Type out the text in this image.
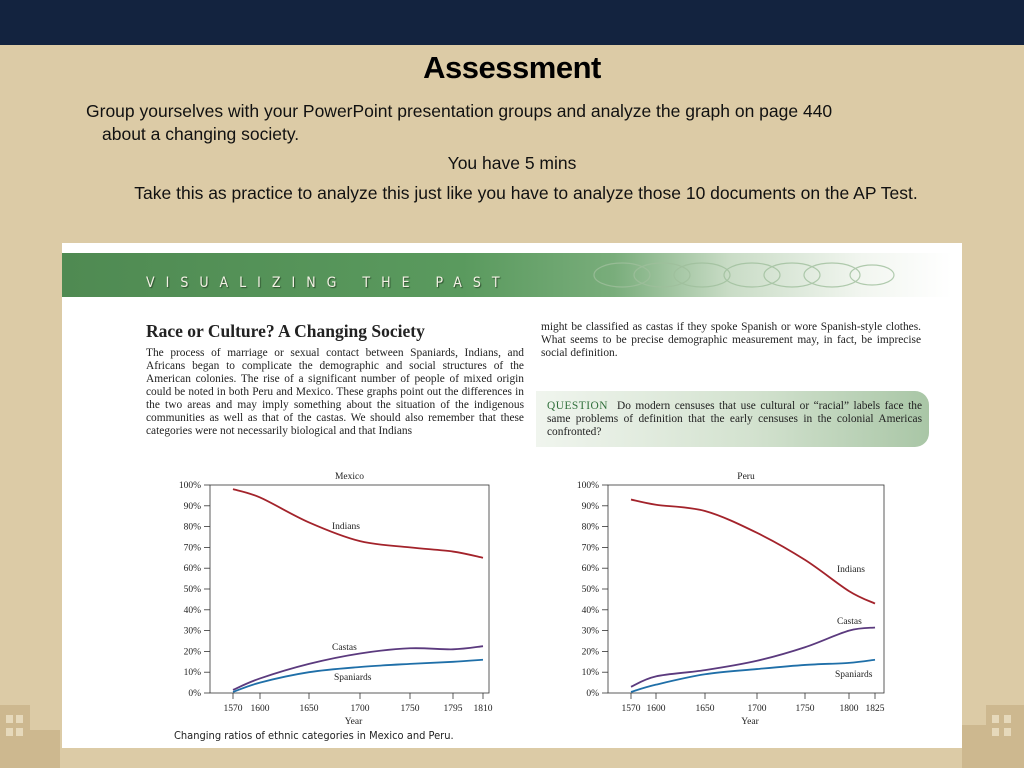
Assessment
Group yourselves with your PowerPoint presentation groups and analyze the graph on page 440
about a changing society.
You have 5 mins
Take this as practice to analyze this just like you have to analyze those 10 documents on the AP Test.
VISUALIZING THE PAST
Race or Culture? A Changing Society
The process of marriage or sexual contact between Spaniards, Indians, and Africans began to complicate the demographic and social structures of the American colonies. The rise of a significant number of people of mixed origin could be noted in both Peru and Mexico. These graphs point out the differences in the two areas and may imply something about the situation of the indigenous communities as well as that of the castas. We should also remember that these categories were not necessarily biological and that Indians
might be classified as castas if they spoke Spanish or wore Spanish-style clothes. What seems to be precise demographic measurement may, in fact, be imprecise social definition.
QUESTION Do modern censuses that use cultural or “racial” labels face the same problems of definition that the early censuses in the colonial Americas confronted?
Mexico
0%
10%
20%
30%
40%
50%
60%
70%
80%
90%
100%
1570 1600	1650	1700	1750	1795 1810
Year
Indians
Castas
Spaniards
Peru
0%
10%
20%
30%
40%
50%
60%
70%
80%
90%
100%
1570 1600	1650	1700	1750	1800 1825
Year
Indians
Castas
Spaniards
Changing ratios of ethnic categories in Mexico and Peru.
